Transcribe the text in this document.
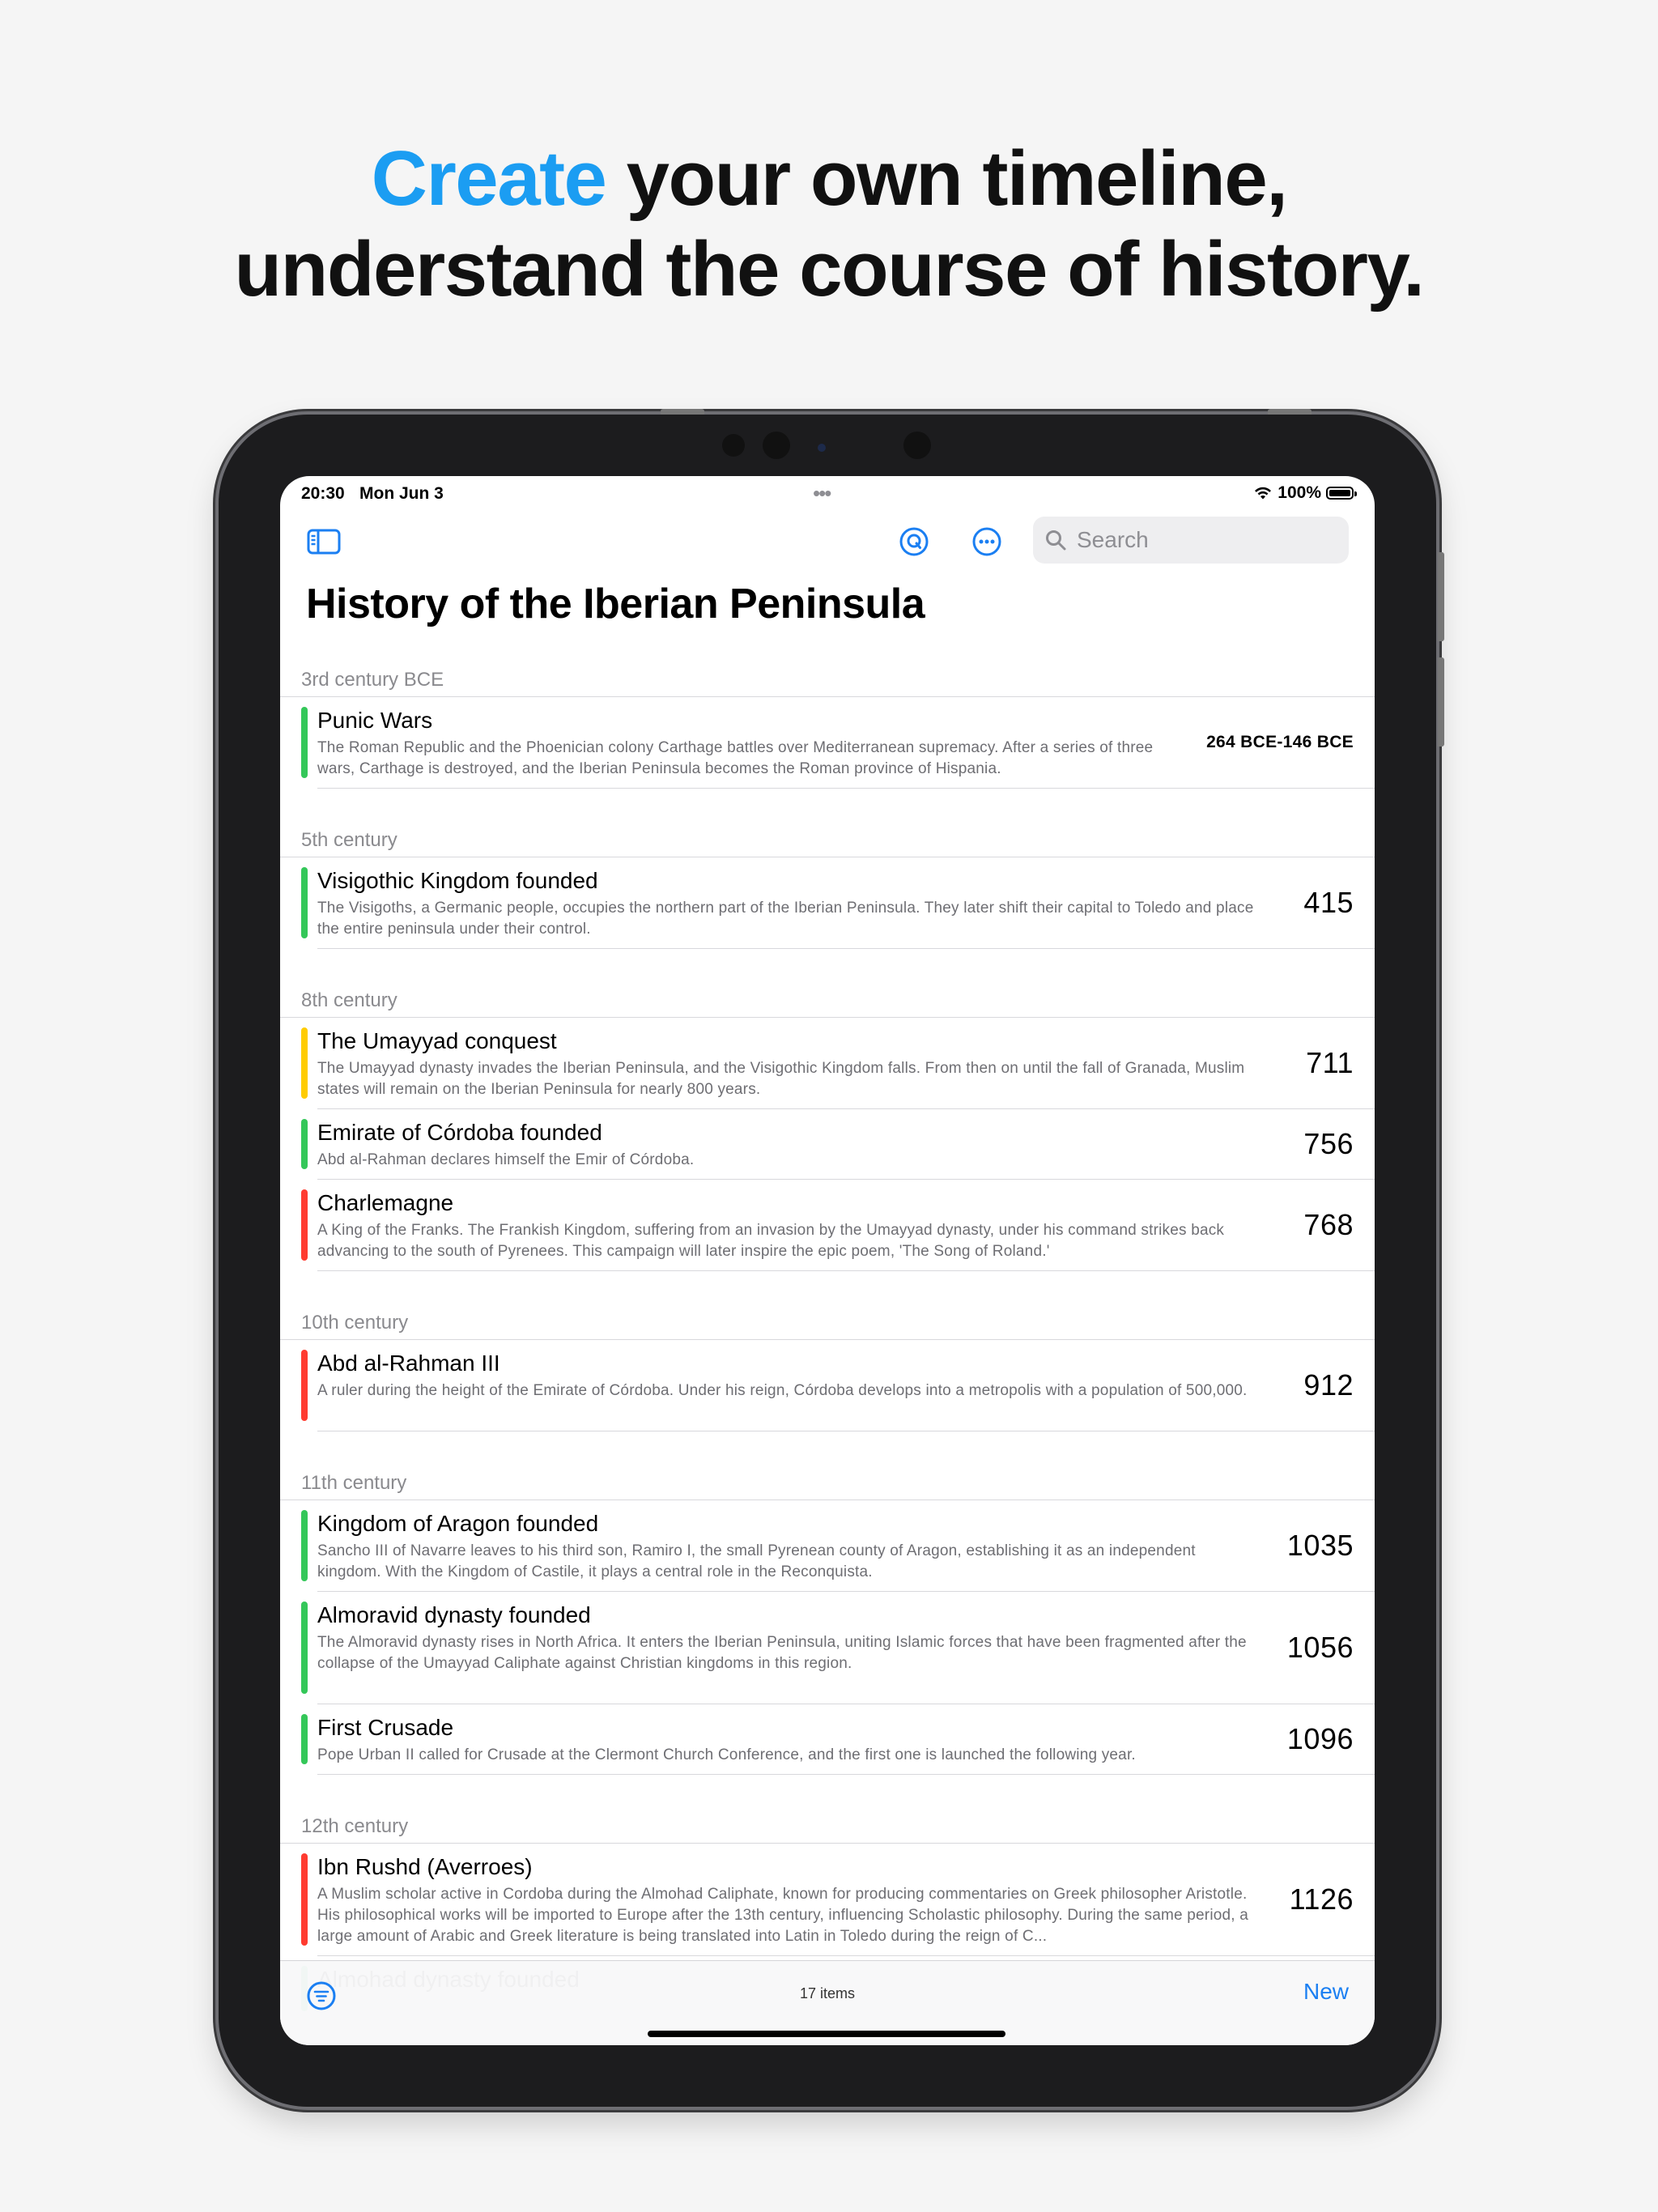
Create your own timeline,
understand the course of history.
20:30 Mon Jun 3	•••	100%
Search
History of the Iberian Peninsula
3rd century BCE
Punic Wars
The Roman Republic and the Phoenician colony Carthage battles over Mediterranean supremacy. After a series of three wars, Carthage is destroyed, and the Iberian Peninsula becomes the Roman province of Hispania.
264 BCE-146 BCE
5th century
Visigothic Kingdom founded
The Visigoths, a Germanic people, occupies the northern part of the Iberian Peninsula. They later shift their capital to Toledo and place the entire peninsula under their control.
415
8th century
The Umayyad conquest
The Umayyad dynasty invades the Iberian Peninsula, and the Visigothic Kingdom falls. From then on until the fall of Granada, Muslim states will remain on the Iberian Peninsula for nearly 800 years.
711
Emirate of Córdoba founded
Abd al-Rahman declares himself the Emir of Córdoba.	756
Charlemagne
A King of the Franks. The Frankish Kingdom, suffering from an invasion by the Umayyad dynasty, under his command strikes back advancing to the south of Pyrenees. This campaign will later inspire the epic poem, 'The Song of Roland.'
768
10th century
Abd al-Rahman III
A ruler during the height of the Emirate of Córdoba. Under his reign, Córdoba develops into a metropolis with a population of 500,000.	912
11th century
Kingdom of Aragon founded
Sancho III of Navarre leaves to his third son, Ramiro I, the small Pyrenean county of Aragon, establishing it as an independent kingdom. With the Kingdom of Castile, it plays a central role in the Reconquista.
1035
Almoravid dynasty founded
The Almoravid dynasty rises in North Africa. It enters the Iberian Peninsula, uniting Islamic forces that have been fragmented after the collapse of the Umayyad Caliphate against Christian kingdoms in this region.	1056
First Crusade
Pope Urban II called for Crusade at the Clermont Church Conference, and the first one is launched the following year.	1096
12th century
Ibn Rushd (Averroes)
A Muslim scholar active in Cordoba during the Almohad Caliphate, known for producing commentaries on Greek philosopher Aristotle. His philosophical works will be imported to Europe after the 13th century, influencing Scholastic philosophy. During the same period, a large amount of Arabic and Greek literature is being translated into Latin in Toledo during the reign of C...
1126
17 items	New
